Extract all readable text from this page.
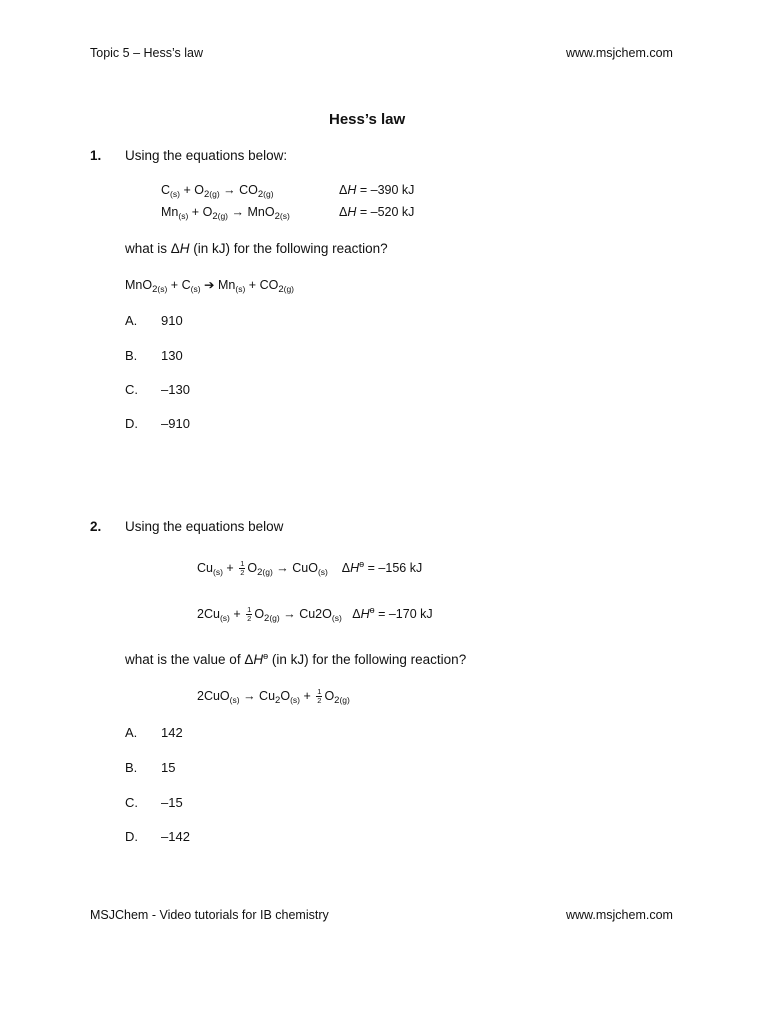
Topic 5 – Hess’s law	www.msjchem.com
Hess’s law
1. Using the equations below:
$C_{(s)} + O_{2(g)} \to CO_{2(g)}$	ΔH = –390 kJ
$Mn_{(s)} + O_{2(g)} \to MnO_{2(s)}$	ΔH = –520 kJ
what is ΔH (in kJ) for the following reaction?
$MnO_{2(s)} + C_{(s)}$ ➔ $Mn_{(s)} + CO_{2(g)}$
A. 910
B. 130
C. –130
D. –910
2. Using the equations below
$Cu_{(s)} + \frac{1}{2} O_{2(g)} \to CuO_{(s)}$ $\Delta H^ɵ = -156$ kJ
$2Cu_{(s)} + \frac{1}{2} O_{2(g)} \to Cu2O_{(s)}$ $\Delta H^ɵ = -170$ kJ
what is the value of $\Delta H^ɵ$ (in kJ) for the following reaction?
$2CuO_{(s)} \to Cu_2O_{(s)} + \frac{1}{2} O_{2(g)}$
A. 142
B. 15
C. –15
D. –142
MSJChem - Video tutorials for IB chemistry	www.msjchem.com
